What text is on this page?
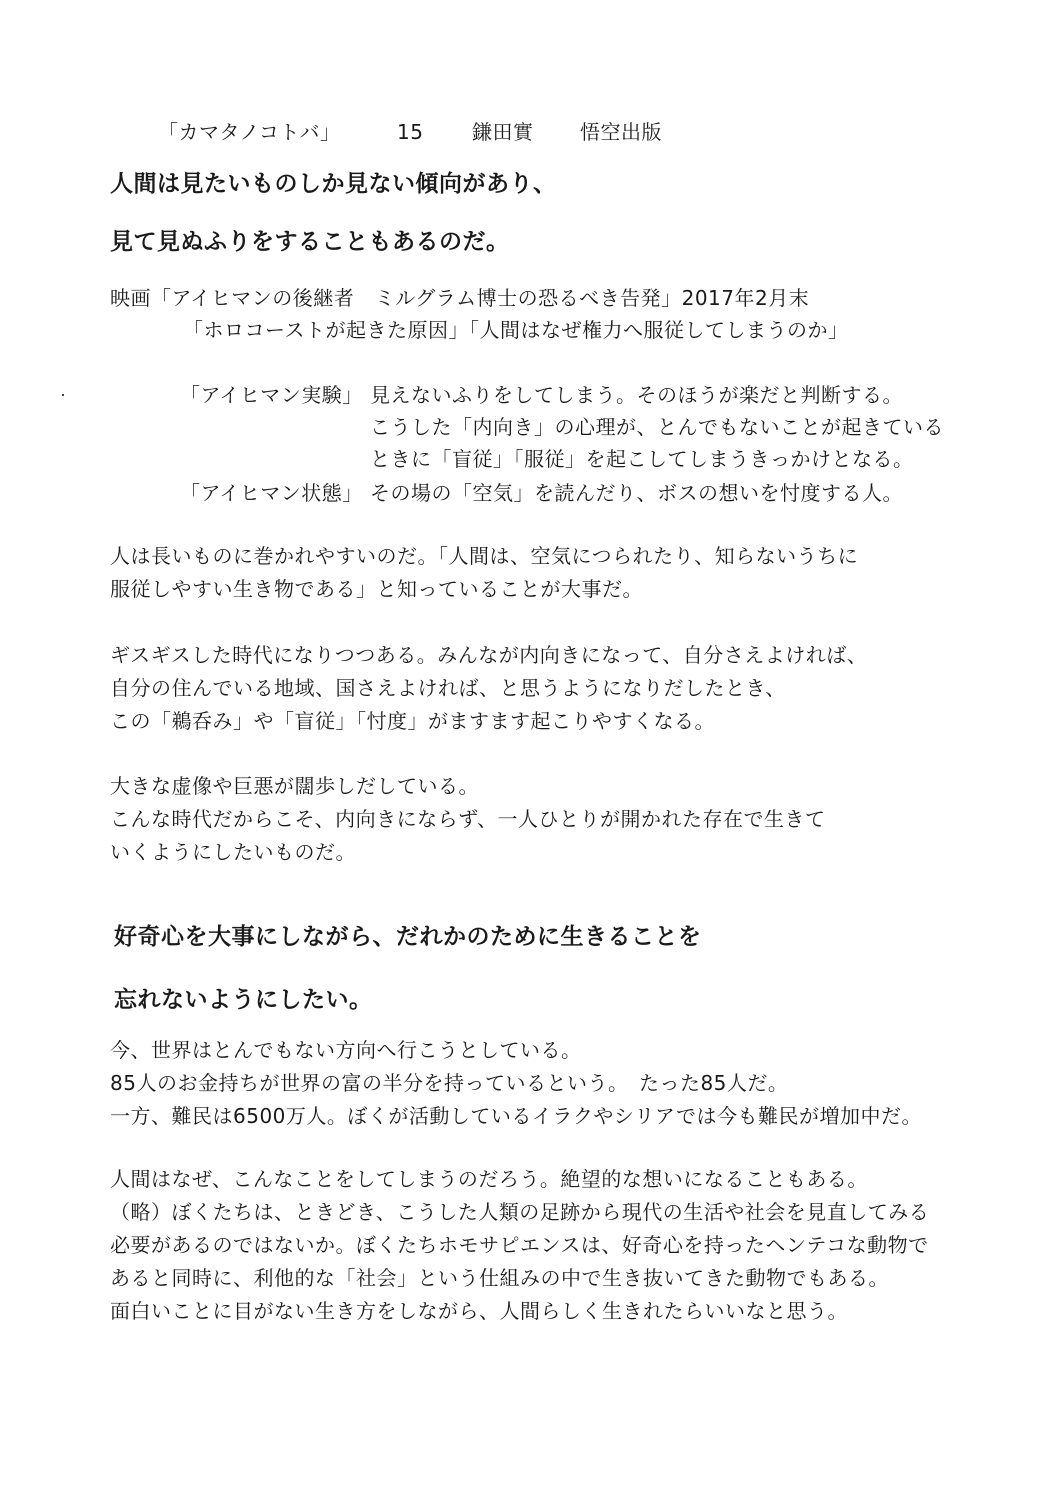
「カマタノコトバ」	15 鎌田實 悟空出版
人間は見たいものしか見ない傾向があり、
見て見ぬふりをすることもあるのだ。
映画「アイヒマンの後継者　ミルグラム博士の恐るべき告発」2017年2月末
「ホロコーストが起きた原因」「人間はなぜ権力へ服従してしまうのか」
「アイヒマン実験」 見えないふりをしてしまう。そのほうが楽だと判断する。
こうした「内向き」の心理が、とんでもないことが起きている
ときに「盲従」「服従」を起こしてしまうきっかけとなる。
「アイヒマン状態」 その場の「空気」を読んだり、ボスの想いを忖度する人。
人は長いものに巻かれやすいのだ。「人間は、空気につられたり、知らないうちに
服従しやすい生き物である」と知っていることが大事だ。
ギスギスした時代になりつつある。みんなが内向きになって、自分さえよければ、
自分の住んでいる地域、国さえよければ、と思うようになりだしたとき、
この「鵜呑み」や「盲従」「忖度」がますます起こりやすくなる。
大きな虚像や巨悪が闊歩しだしている。
こんな時代だからこそ、内向きにならず、一人ひとりが開かれた存在で生きて
いくようにしたいものだ。
好奇心を大事にしながら、だれかのために生きることを
忘れないようにしたい。
今、世界はとんでもない方向へ行こうとしている。
85人のお金持ちが世界の富の半分を持っているという。　たった85人だ。
一方、難民は6500万人。ぼくが活動しているイラクやシリアでは今も難民が増加中だ。
人間はなぜ、こんなことをしてしまうのだろう。絶望的な想いになることもある。
（略）ぼくたちは、ときどき、こうした人類の足跡から現代の生活や社会を見直してみる
必要があるのではないか。ぼくたちホモサピエンスは、好奇心を持ったヘンテコな動物で
あると同時に、利他的な「社会」という仕組みの中で生き抜いてきた動物でもある。
面白いことに目がない生き方をしながら、人間らしく生きれたらいいなと思う。
